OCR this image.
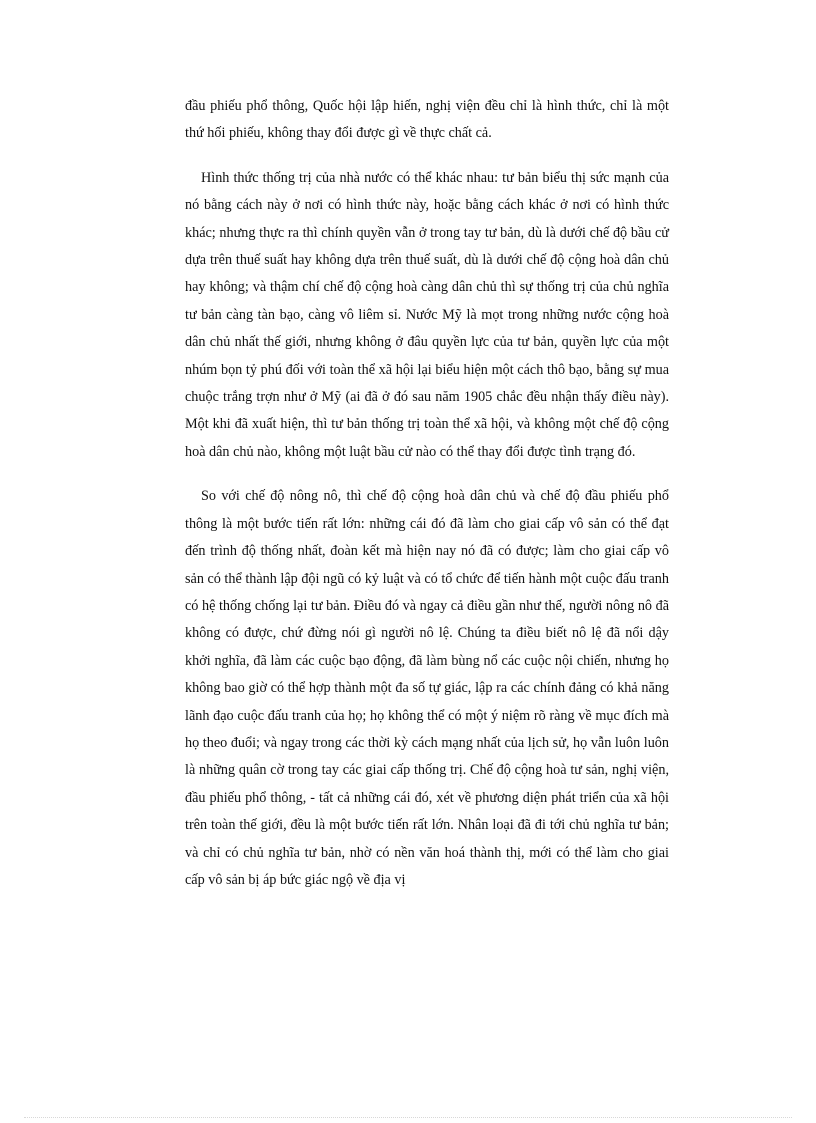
đầu phiếu phổ thông, Quốc hội lập hiến, nghị viện đều chỉ là hình thức, chỉ là một thứ hối phiếu, không thay đổi được gì về thực chất cả.

Hình thức thống trị của nhà nước có thể khác nhau: tư bản biểu thị sức mạnh của nó bằng cách này ở nơi có hình thức này, hoặc bằng cách khác ở nơi có hình thức khác; nhưng thực ra thì chính quyền vẫn ở trong tay tư bản, dù là dưới chế độ bầu cử dựa trên thuế suất hay không dựa trên thuế suất, dù là dưới chế độ cộng hoà dân chủ hay không; và thậm chí chế độ cộng hoà càng dân chủ thì sự thống trị của chủ nghĩa tư bản càng tàn bạo, càng vô liêm sỉ. Nước Mỹ là mọt trong những nước cộng hoà dân chủ nhất thế giới, nhưng không ở đâu quyền lực của tư bản, quyền lực của một nhúm bọn tỷ phú đối với toàn thể xã hội lại biểu hiện một cách thô bạo, bằng sự mua chuộc trắng trợn như ở Mỹ (ai đã ở đó sau năm 1905 chắc đều nhận thấy điều này). Một khi đã xuất hiện, thì tư bản thống trị toàn thể xã hội, và không một chế độ cộng hoà dân chủ nào, không một luật bầu cử nào có thể thay đổi được tình trạng đó.

So với chế độ nông nô, thì chế độ cộng hoà dân chủ và chế độ đầu phiếu phổ thông là một bước tiến rất lớn: những cái đó đã làm cho giai cấp vô sản có thể đạt đến trình độ thống nhất, đoàn kết mà hiện nay nó đã có được; làm cho giai cấp vô sản có thể thành lập đội ngũ có kỷ luật và có tổ chức để tiến hành một cuộc đấu tranh có hệ thống chống lại tư bản. Điều đó và ngay cả điều gần như thế, người nông nô đã không có được, chứ đừng nói gì người nô lệ. Chúng ta điều biết nô lệ đã nổi dậy khởi nghĩa, đã làm các cuộc bạo động, đã làm bùng nổ các cuộc nội chiến, nhưng họ không bao giờ có thể hợp thành một đa số tự giác, lập ra các chính đảng có khả năng lãnh đạo cuộc đấu tranh của họ; họ không thể có một ý niệm rõ ràng về mục đích mà họ theo đuổi; và ngay trong các thời kỳ cách mạng nhất của lịch sử, họ vẫn luôn luôn là những quân cờ trong tay các giai cấp thống trị. Chế độ cộng hoà tư sản, nghị viện, đầu phiếu phổ thông, - tất cả những cái đó, xét về phương diện phát triển của xã hội trên toàn thế giới, đều là một bước tiến rất lớn. Nhân loại đã đi tới chủ nghĩa tư bản; và chỉ có chủ nghĩa tư bản, nhờ có nền văn hoá thành thị, mới có thể làm cho giai cấp vô sản bị áp bức giác ngộ về địa vị
